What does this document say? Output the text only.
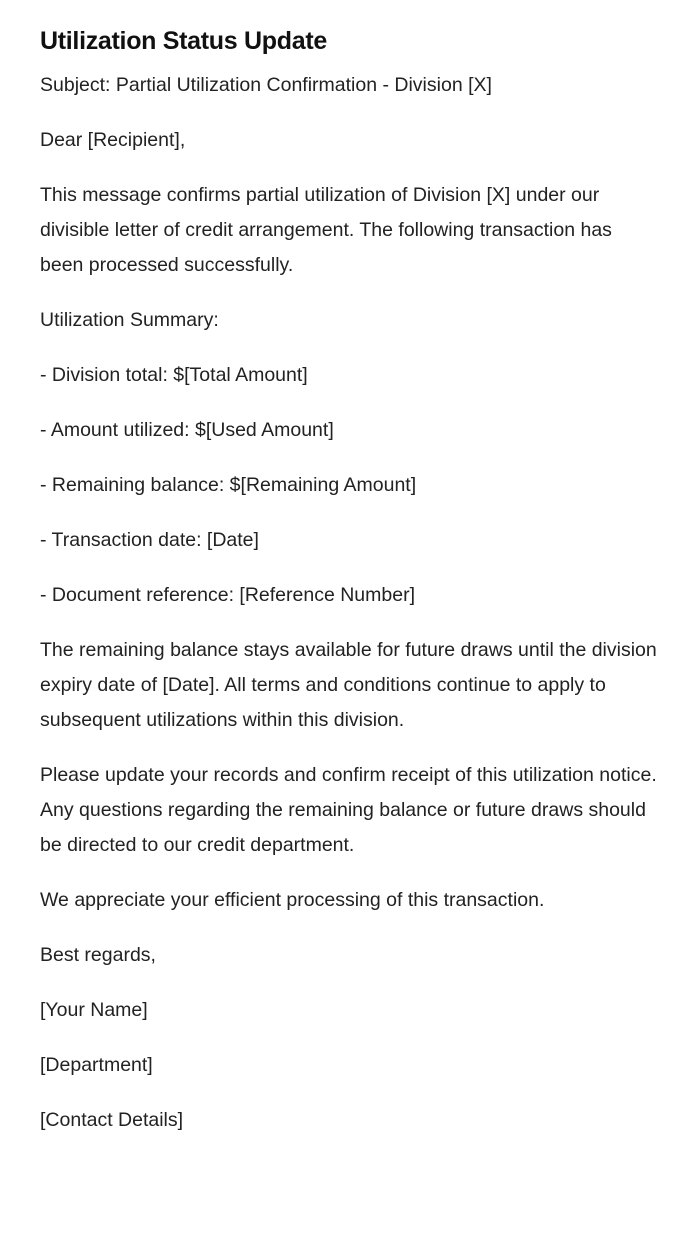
Utilization Status Update

Subject: Partial Utilization Confirmation - Division [X]

Dear [Recipient],

This message confirms partial utilization of Division [X] under our divisible letter of credit arrangement. The following transaction has been processed successfully.

Utilization Summary:

- Division total: $[Total Amount]

- Amount utilized: $[Used Amount]

- Remaining balance: $[Remaining Amount]

- Transaction date: [Date]

- Document reference: [Reference Number]

The remaining balance stays available for future draws until the division expiry date of [Date]. All terms and conditions continue to apply to subsequent utilizations within this division.

Please update your records and confirm receipt of this utilization notice. Any questions regarding the remaining balance or future draws should be directed to our credit department.

We appreciate your efficient processing of this transaction.

Best regards,

[Your Name]

[Department]

[Contact Details]
